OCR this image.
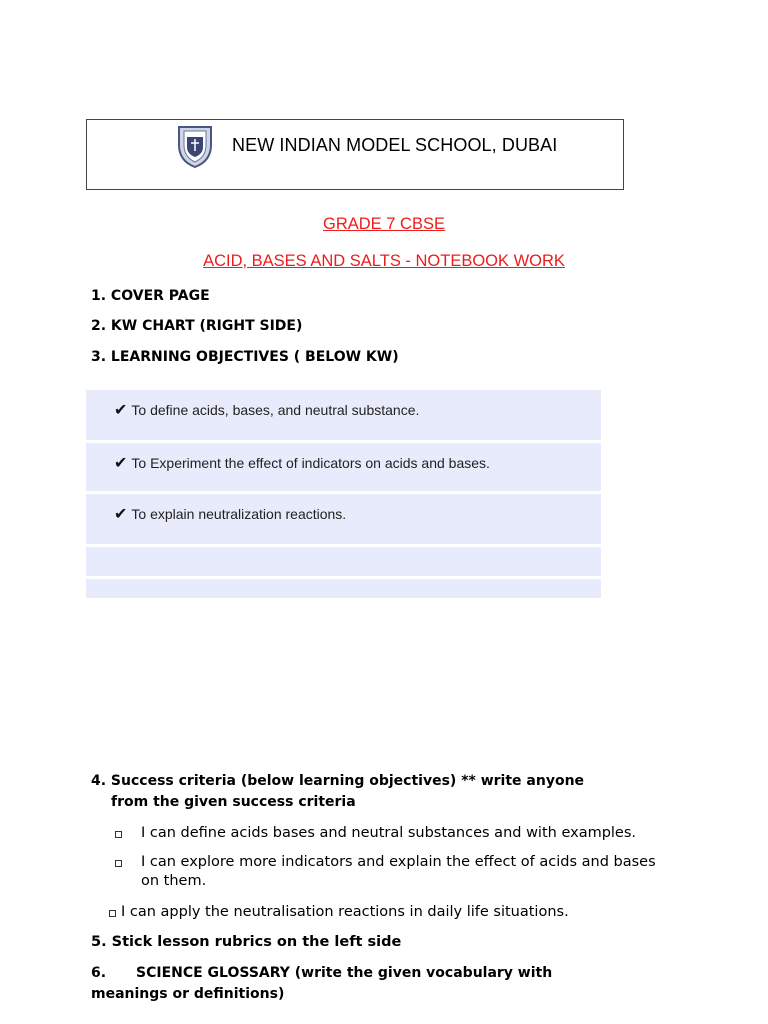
NEW INDIAN MODEL SCHOOL, DUBAI
GRADE 7 CBSE
ACID, BASES AND SALTS - NOTEBOOK WORK
1. COVER PAGE
2. KW CHART (RIGHT SIDE)
3. LEARNING OBJECTIVES ( BELOW KW)
✔ To define acids, bases, and neutral substance.
✔ To Experiment the effect of indicators on acids and bases.
✔ To explain neutralization reactions.
4. Success criteria (below learning objectives) ** write anyone
from the given success criteria
I can define acids bases and neutral substances and with examples.
I can explore more indicators and explain the effect of acids and bases
on them.
I can apply the neutralisation reactions in daily life situations.
5. Stick lesson rubrics on the left side
6. SCIENCE GLOSSARY (write the given vocabulary with
meanings or definitions)
